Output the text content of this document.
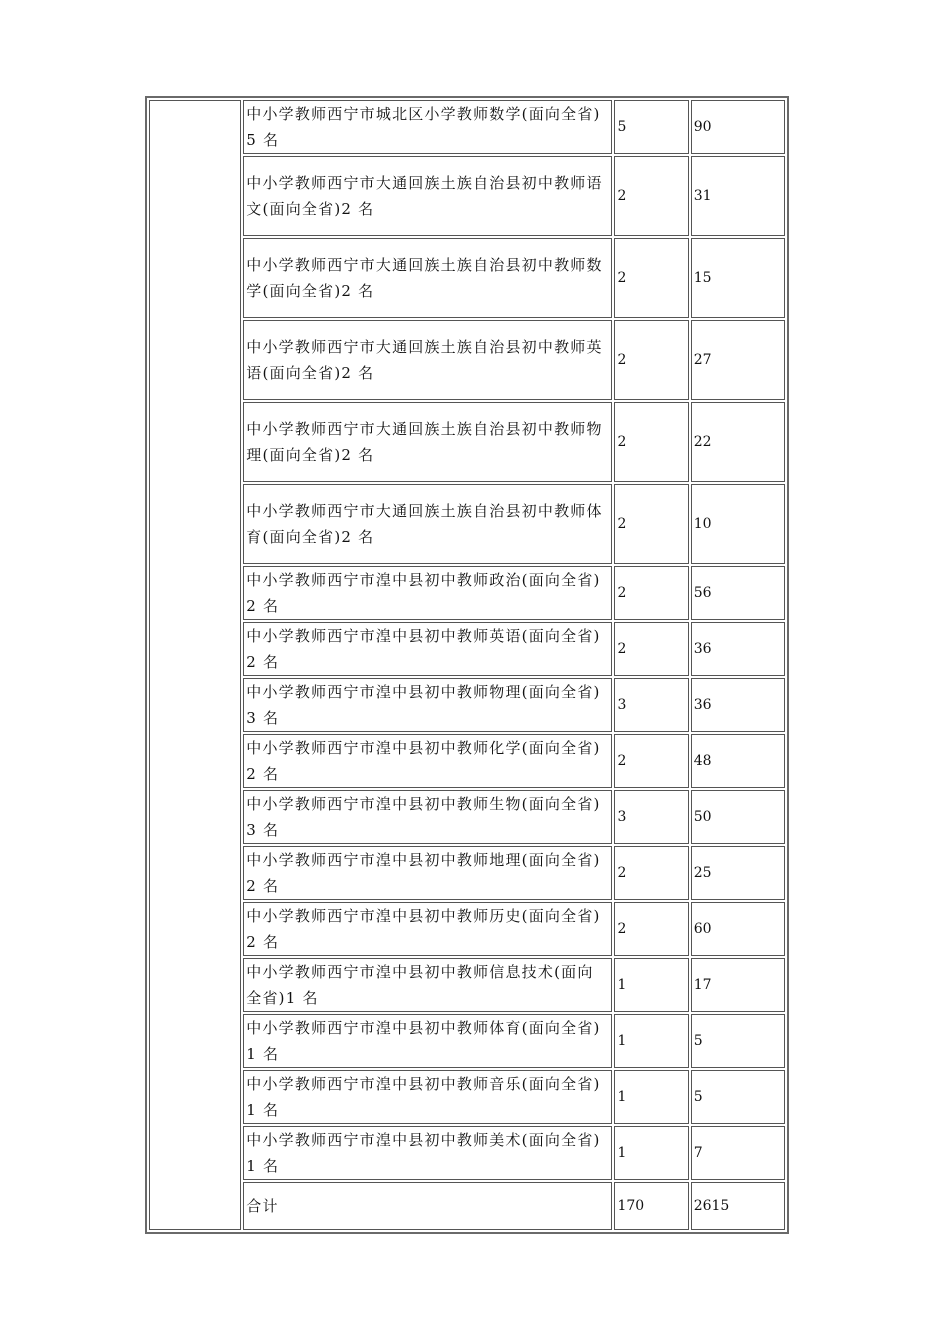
	中小学教师西宁市城北区小学教师数学(面向全省)5 名	5	90
	中小学教师西宁市大通回族土族自治县初中教师语文(面向全省)2 名	2	31
	中小学教师西宁市大通回族土族自治县初中教师数学(面向全省)2 名	2	15
	中小学教师西宁市大通回族土族自治县初中教师英语(面向全省)2 名	2	27
	中小学教师西宁市大通回族土族自治县初中教师物理(面向全省)2 名	2	22
	中小学教师西宁市大通回族土族自治县初中教师体育(面向全省)2 名	2	10
	中小学教师西宁市湟中县初中教师政治(面向全省)2 名	2	56
	中小学教师西宁市湟中县初中教师英语(面向全省)2 名	2	36
	中小学教师西宁市湟中县初中教师物理(面向全省)3 名	3	36
	中小学教师西宁市湟中县初中教师化学(面向全省)2 名	2	48
	中小学教师西宁市湟中县初中教师生物(面向全省)3 名	3	50
	中小学教师西宁市湟中县初中教师地理(面向全省)2 名	2	25
	中小学教师西宁市湟中县初中教师历史(面向全省)2 名	2	60
	中小学教师西宁市湟中县初中教师信息技术(面向全省)1 名	1	17
	中小学教师西宁市湟中县初中教师体育(面向全省)1 名	1	5
	中小学教师西宁市湟中县初中教师音乐(面向全省)1 名	1	5
	中小学教师西宁市湟中县初中教师美术(面向全省)1 名	1	7
	合计	170	2615
